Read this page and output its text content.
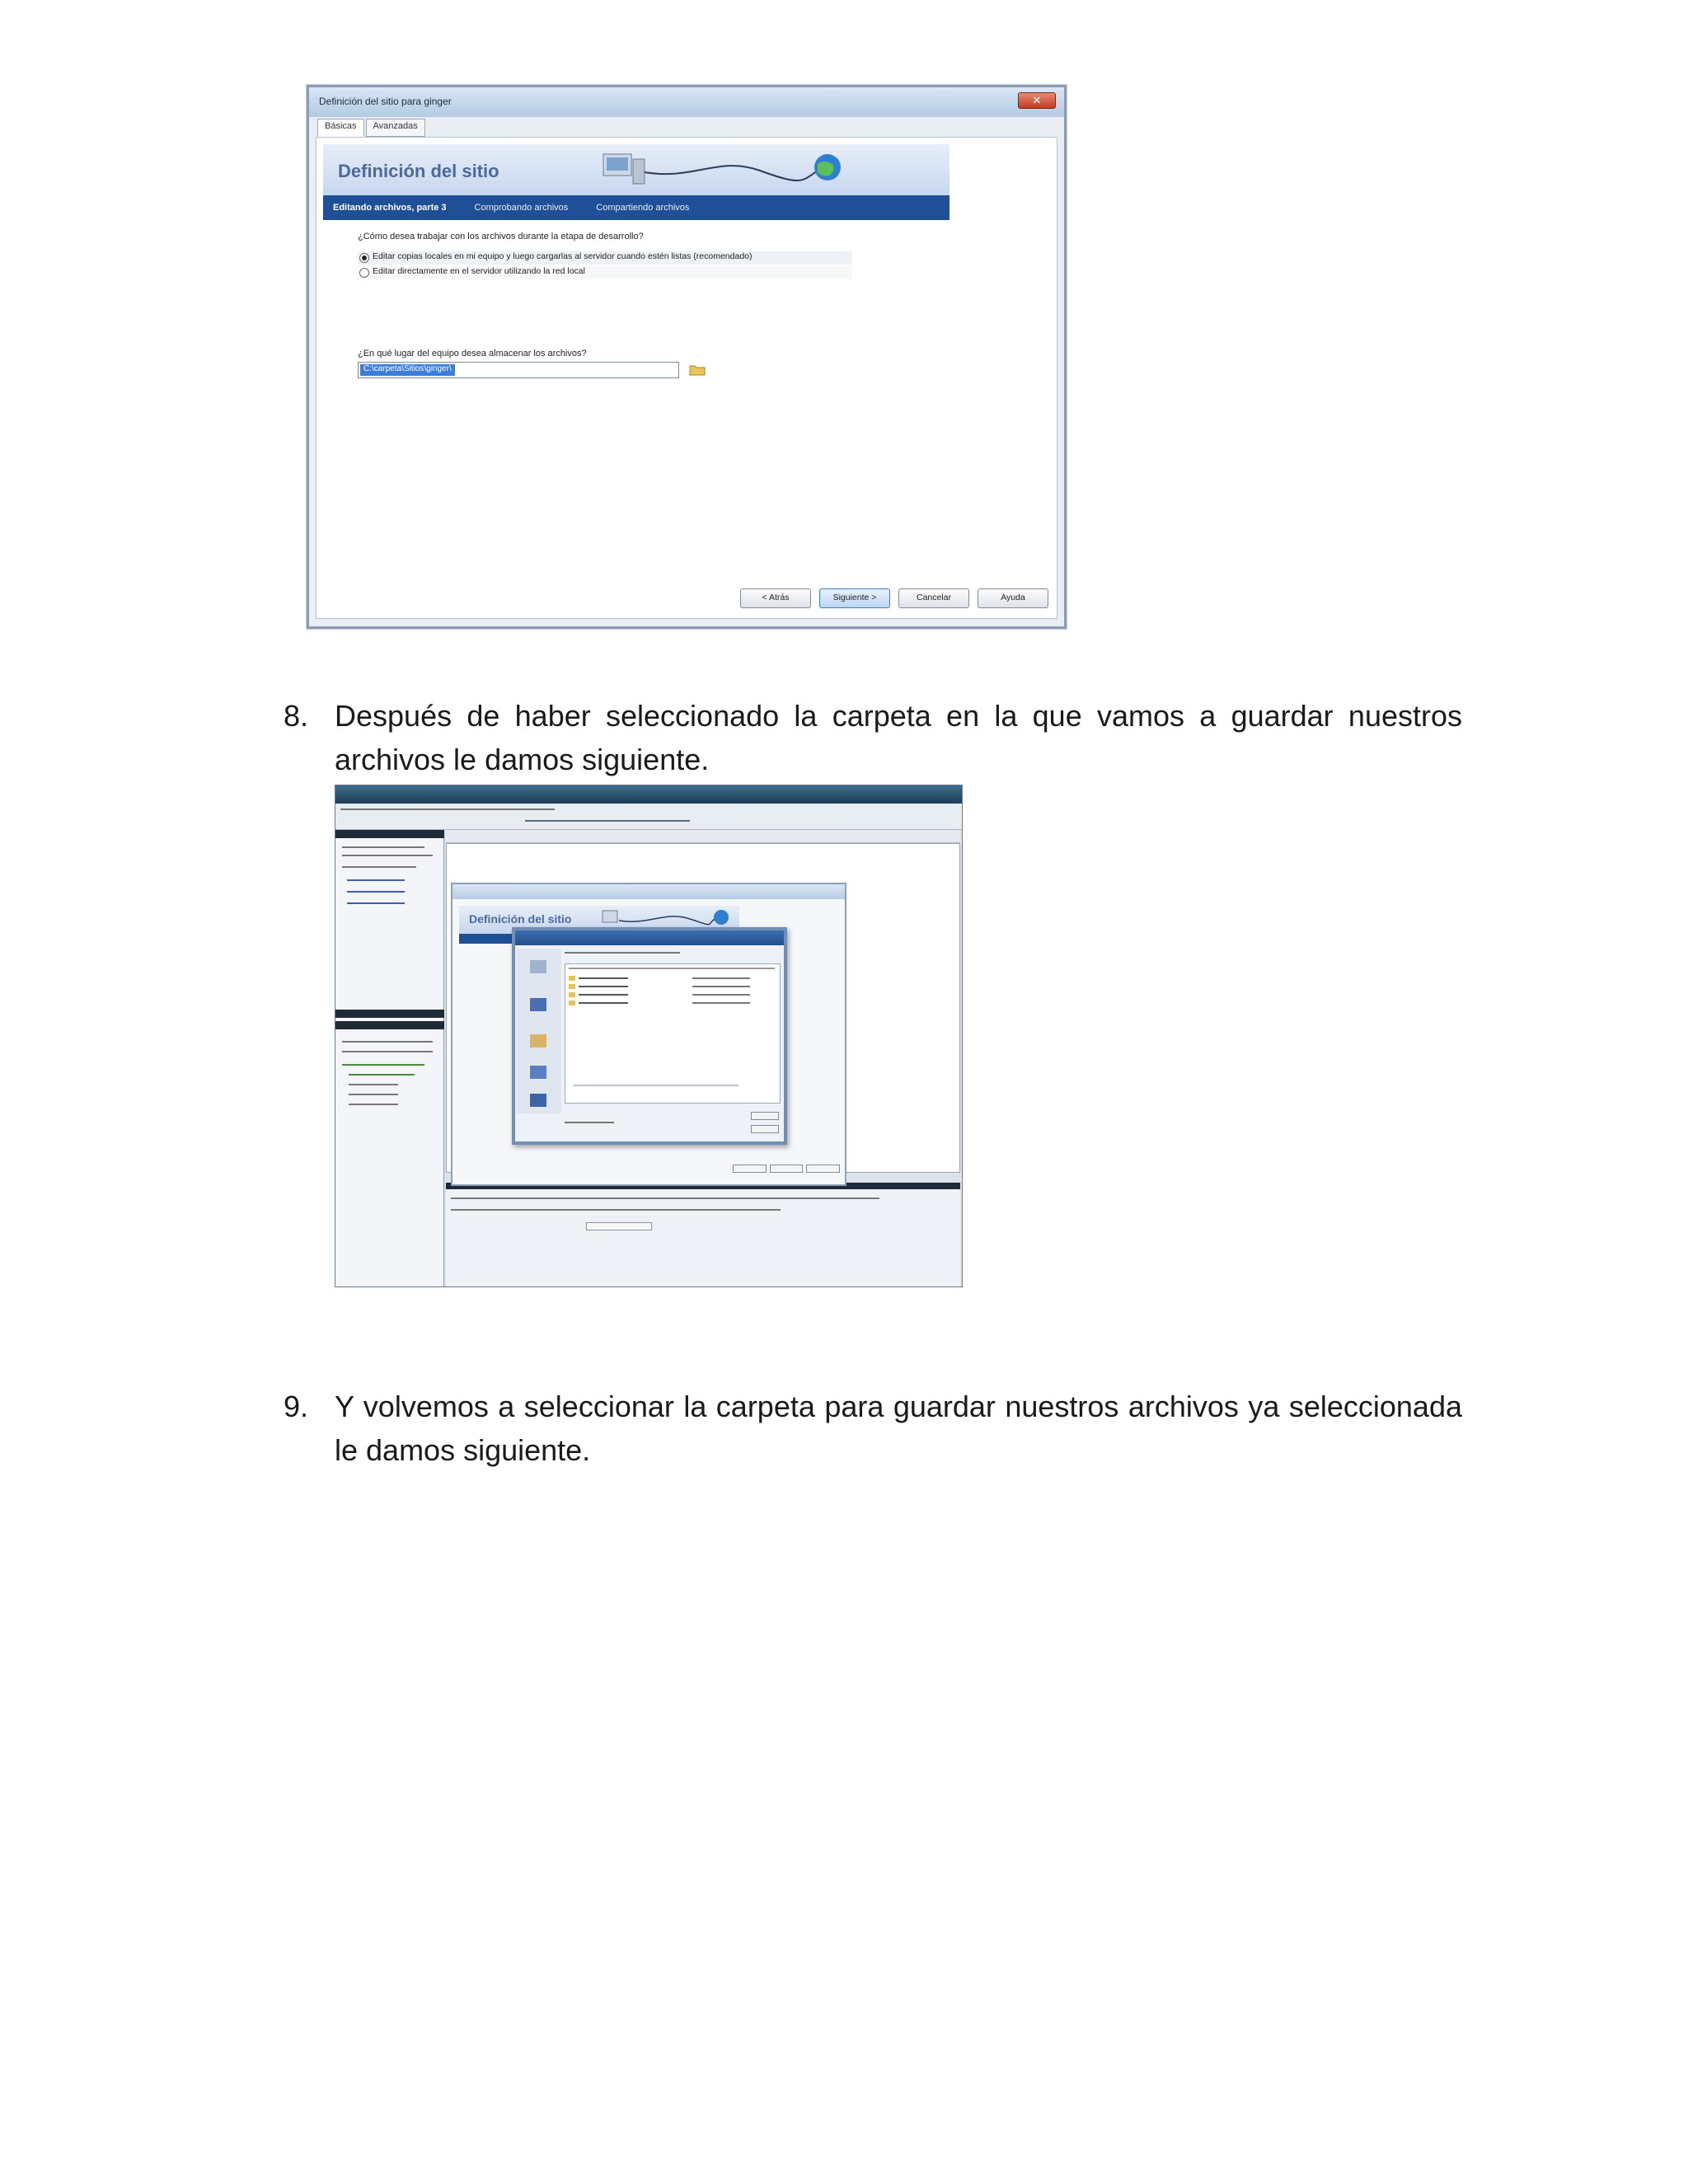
Definición del sitio para ginger	✕
Básicas	Avanzadas
Definición del sitio
Editando archivos, parte 3	Comprobando archivos	Compartiendo archivos
¿Cómo desea trabajar con los archivos durante la etapa de desarrollo?
Editar copias locales en mi equipo y luego cargarlas al servidor cuando estén listas (recomendado)
Editar directamente en el servidor utilizando la red local
¿En qué lugar del equipo desea almacenar los archivos?
C:\carpeta\Sitios\ginger\
< Atrás	Siguiente >	Cancelar	Ayuda
8. Después de haber seleccionado la carpeta en la que vamos a guardar nuestros archivos le damos siguiente.
Definición del sitio
9. Y volvemos a seleccionar la carpeta para guardar nuestros archivos ya seleccionada le damos siguiente.
